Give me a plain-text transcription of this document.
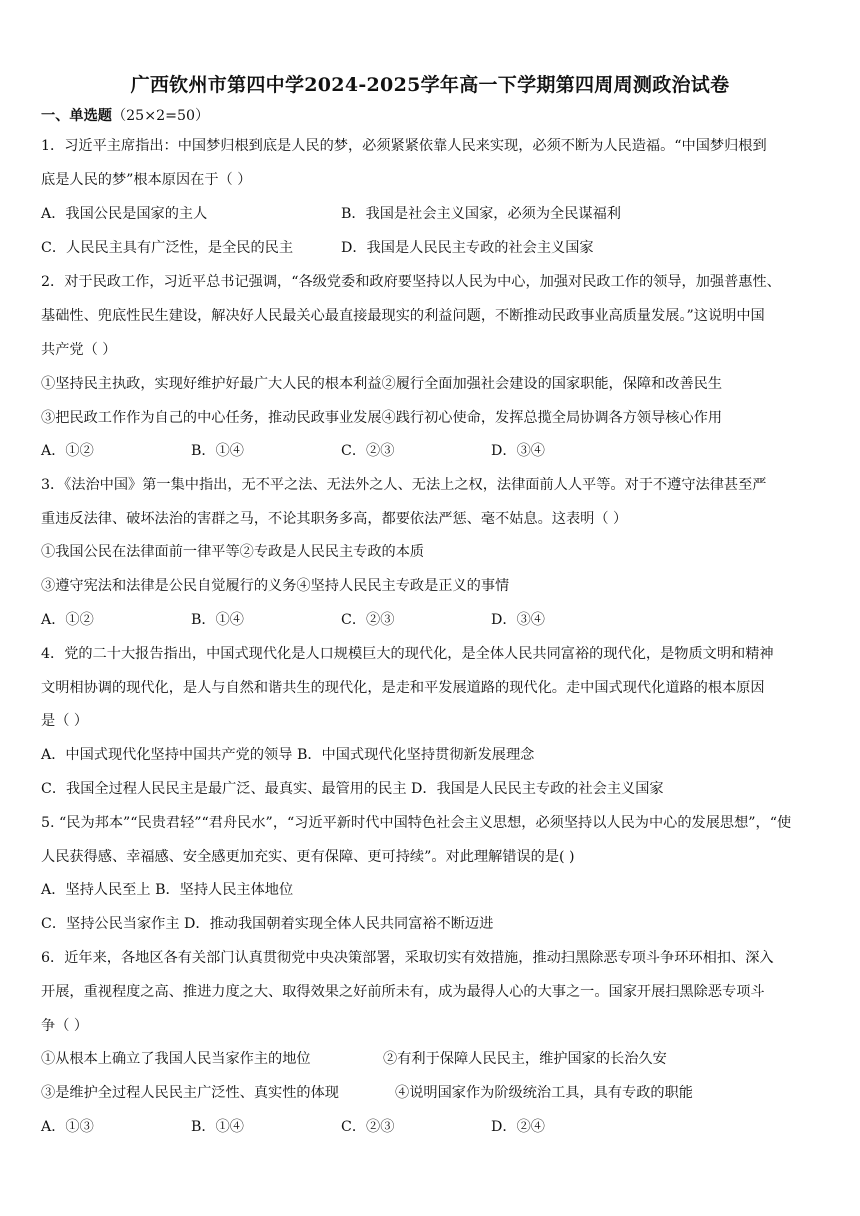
广西钦州市第四中学2024-2025学年高一下学期第四周周测政治试卷
一、单选题（25×2=50）
1．习近平主席指出：中国梦归根到底是人民的梦，必须紧紧依靠人民来实现，必须不断为人民造福。“中国梦归根到
底是人民的梦”根本原因在于（ ）
A．我国公民是国家的主人	B．我国是社会主义国家，必须为全民谋福利
C．人民民主具有广泛性，是全民的民主	D．我国是人民民主专政的社会主义国家
2．对于民政工作，习近平总书记强调，“各级党委和政府要坚持以人民为中心，加强对民政工作的领导，加强普惠性、
基础性、兜底性民生建设，解决好人民最关心最直接最现实的利益问题，不断推动民政事业高质量发展。”这说明中国
共产党（ ）
①坚持民主执政，实现好维护好最广大人民的根本利益②履行全面加强社会建设的国家职能，保障和改善民生
③把民政工作作为自己的中心任务，推动民政事业发展④践行初心使命，发挥总揽全局协调各方领导核心作用
A．①②	B．①④	C．②③	D．③④
3．《法治中国》第一集中指出，无不平之法、无法外之人、无法上之权，法律面前人人平等。对于不遵守法律甚至严
重违反法律、破坏法治的害群之马，不论其职务多高，都要依法严惩、毫不姑息。这表明（ ）
①我国公民在法律面前一律平等②专政是人民民主专政的本质
③遵守宪法和法律是公民自觉履行的义务④坚持人民民主专政是正义的事情
A．①②	B．①④	C．②③	D．③④
4．党的二十大报告指出，中国式现代化是人口规模巨大的现代化，是全体人民共同富裕的现代化，是物质文明和精神
文明相协调的现代化，是人与自然和谐共生的现代化，是走和平发展道路的现代化。走中国式现代化道路的根本原因
是（ ）
A．中国式现代化坚持中国共产党的领导 B．中国式现代化坚持贯彻新发展理念
C．我国全过程人民民主是最广泛、最真实、最管用的民主 D．我国是人民民主专政的社会主义国家
5. “民为邦本”“民贵君轻”“君舟民水”，“习近平新时代中国特色社会主义思想，必须坚持以人民为中心的发展思想”，“使
人民获得感、幸福感、安全感更加充实、更有保障、更可持续”。对此理解错误的是( )
A．坚持人民至上 B．坚持人民主体地位
C．坚持公民当家作主 D．推动我国朝着实现全体人民共同富裕不断迈进
6．近年来，各地区各有关部门认真贯彻党中央决策部署，采取切实有效措施，推动扫黑除恶专项斗争环环相扣、深入
开展，重视程度之高、推进力度之大、取得效果之好前所未有，成为最得人心的大事之一。国家开展扫黑除恶专项斗
争（ ）
①从根本上确立了我国人民当家作主的地位	②有利于保障人民民主，维护国家的长治久安
③是维护全过程人民民主广泛性、真实性的体现	④说明国家作为阶级统治工具，具有专政的职能
A．①③	B．①④	C．②③	D．②④
